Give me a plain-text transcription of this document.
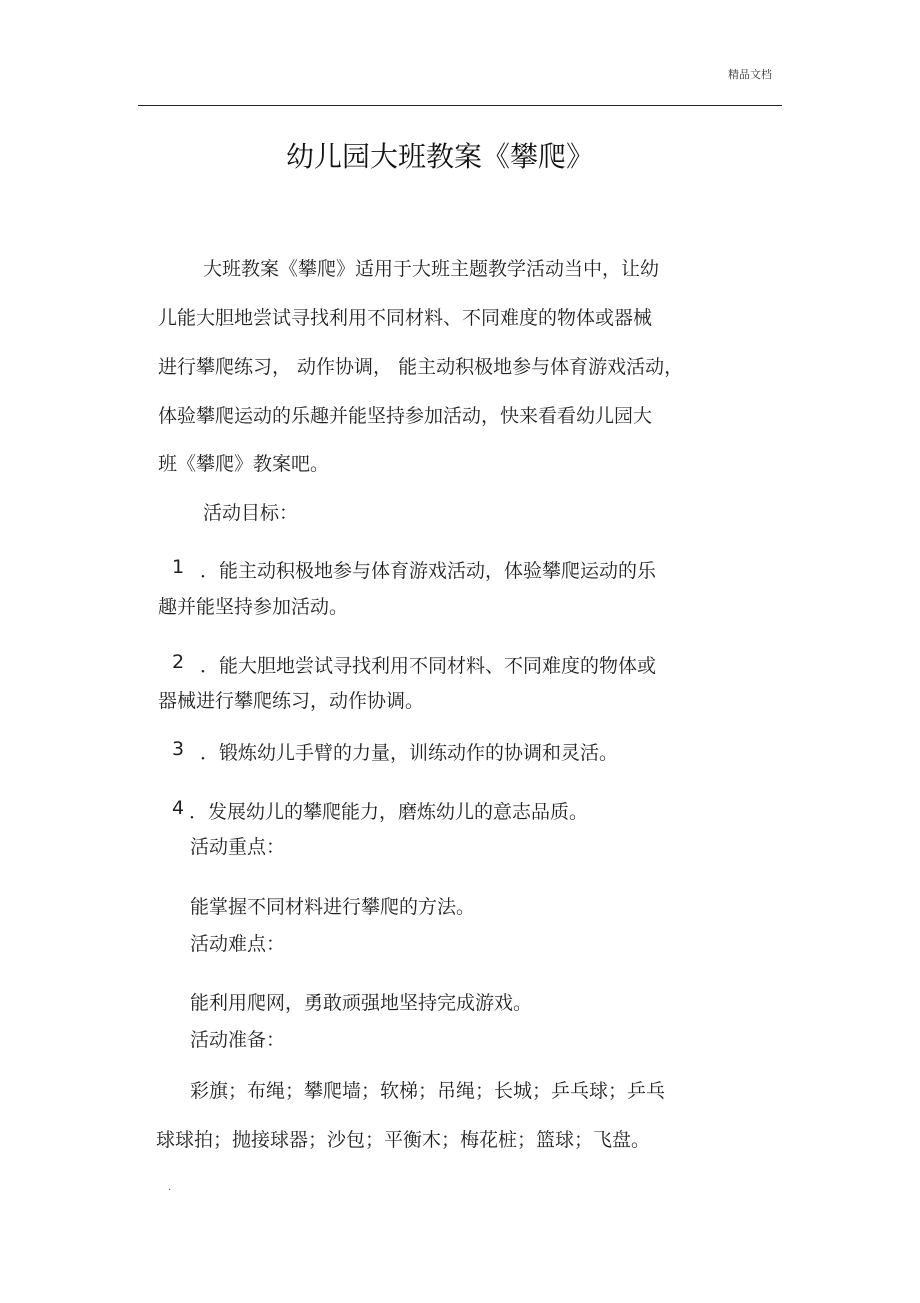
精品文档
幼儿园大班教案《攀爬》
大班教案《攀爬》适用于大班主题教学活动当中，让幼
儿能大胆地尝试寻找利用不同材料、不同难度的物体或器械
进行攀爬练习， 动作协调， 能主动积极地参与体育游戏活动，
体验攀爬运动的乐趣并能坚持参加活动，快来看看幼儿园大
班《攀爬》教案吧。
活动目标：
1 ．能主动积极地参与体育游戏活动，体验攀爬运动的乐
趣并能坚持参加活动。
2 ．能大胆地尝试寻找利用不同材料、不同难度的物体或
器械进行攀爬练习，动作协调。
3 ．锻炼幼儿手臂的力量，训练动作的协调和灵活。
4 ．发展幼儿的攀爬能力，磨炼幼儿的意志品质。
活动重点：
能掌握不同材料进行攀爬的方法。
活动难点：
能利用爬网，勇敢顽强地坚持完成游戏。
活动准备：
彩旗；布绳；攀爬墙；软梯；吊绳；长城；乒乓球；乒乓
球球拍；抛接球器；沙包；平衡木；梅花桩；篮球；飞盘。
.
